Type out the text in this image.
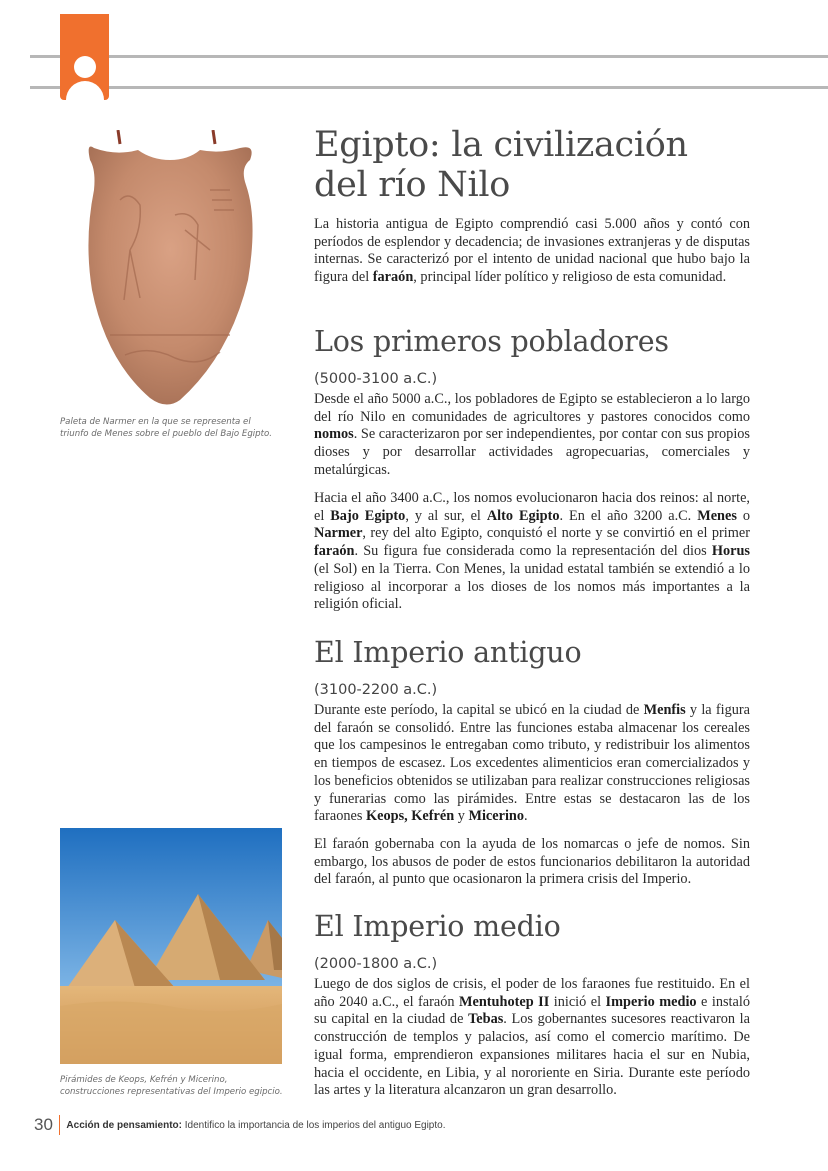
Paleta de Narmer en la que se representa el triunfo de Menes sobre el pueblo del Bajo Egipto.
Pirámides de Keops, Kefrén y Micerino, construcciones representativas del Imperio egipcio.
Egipto: la civilización
del río Nilo

La historia antigua de Egipto comprendió casi 5.000 años y contó con períodos de esplendor y decadencia; de invasiones extranjeras y de disputas internas. Se caracterizó por el intento de unidad nacional que hubo bajo la figura del faraón, principal líder político y religioso de esta comunidad.

Los primeros pobladores
(5000-3100 a.C.)

Desde el año 5000 a.C., los pobladores de Egipto se establecieron a lo largo del río Nilo en comunidades de agricultores y pastores conocidos como nomos. Se caracterizaron por ser independientes, por contar con sus propios dioses y por desarrollar actividades agropecuarias, comerciales y metalúrgicas.

Hacia el año 3400 a.C., los nomos evolucionaron hacia dos reinos: al norte, el Bajo Egipto, y al sur, el Alto Egipto. En el año 3200 a.C. Menes o Narmer, rey del alto Egipto, conquistó el norte y se convirtió en el primer faraón. Su figura fue considerada como la representación del dios Horus (el Sol) en la Tierra. Con Menes, la unidad estatal también se extendió a lo religioso al incorporar a los dioses de los nomos más importantes a la religión oficial.

El Imperio antiguo
(3100-2200 a.C.)

Durante este período, la capital se ubicó en la ciudad de Menfis y la figura del faraón se consolidó. Entre las funciones estaba almacenar los cereales que los campesinos le entregaban como tributo, y redistribuir los alimentos en tiempos de escasez. Los excedentes alimenticios eran comercializados y los beneficios obtenidos se utilizaban para realizar construcciones religiosas y funerarias como las pirámides. Entre estas se destacaron las de los faraones Keops, Kefrén y Micerino.

El faraón gobernaba con la ayuda de los nomarcas o jefe de nomos. Sin embargo, los abusos de poder de estos funcionarios debilitaron la autoridad del faraón, al punto que ocasionaron la primera crisis del Imperio.

El Imperio medio
(2000-1800 a.C.)

Luego de dos siglos de crisis, el poder de los faraones fue restituido. En el año 2040 a.C., el faraón Mentuhotep II inició el Imperio medio e instaló su capital en la ciudad de Tebas. Los gobernantes sucesores reactivaron la construcción de templos y palacios, así como el comercio marítimo. De igual forma, emprendieron expansiones militares hacia el sur en Nubia, hacia el occidente, en Libia, y al nororiente en Siria. Durante este período las artes y la literatura alcanzaron un gran desarrollo.

30 Acción de pensamiento: Identifico la importancia de los imperios del antiguo Egipto.
